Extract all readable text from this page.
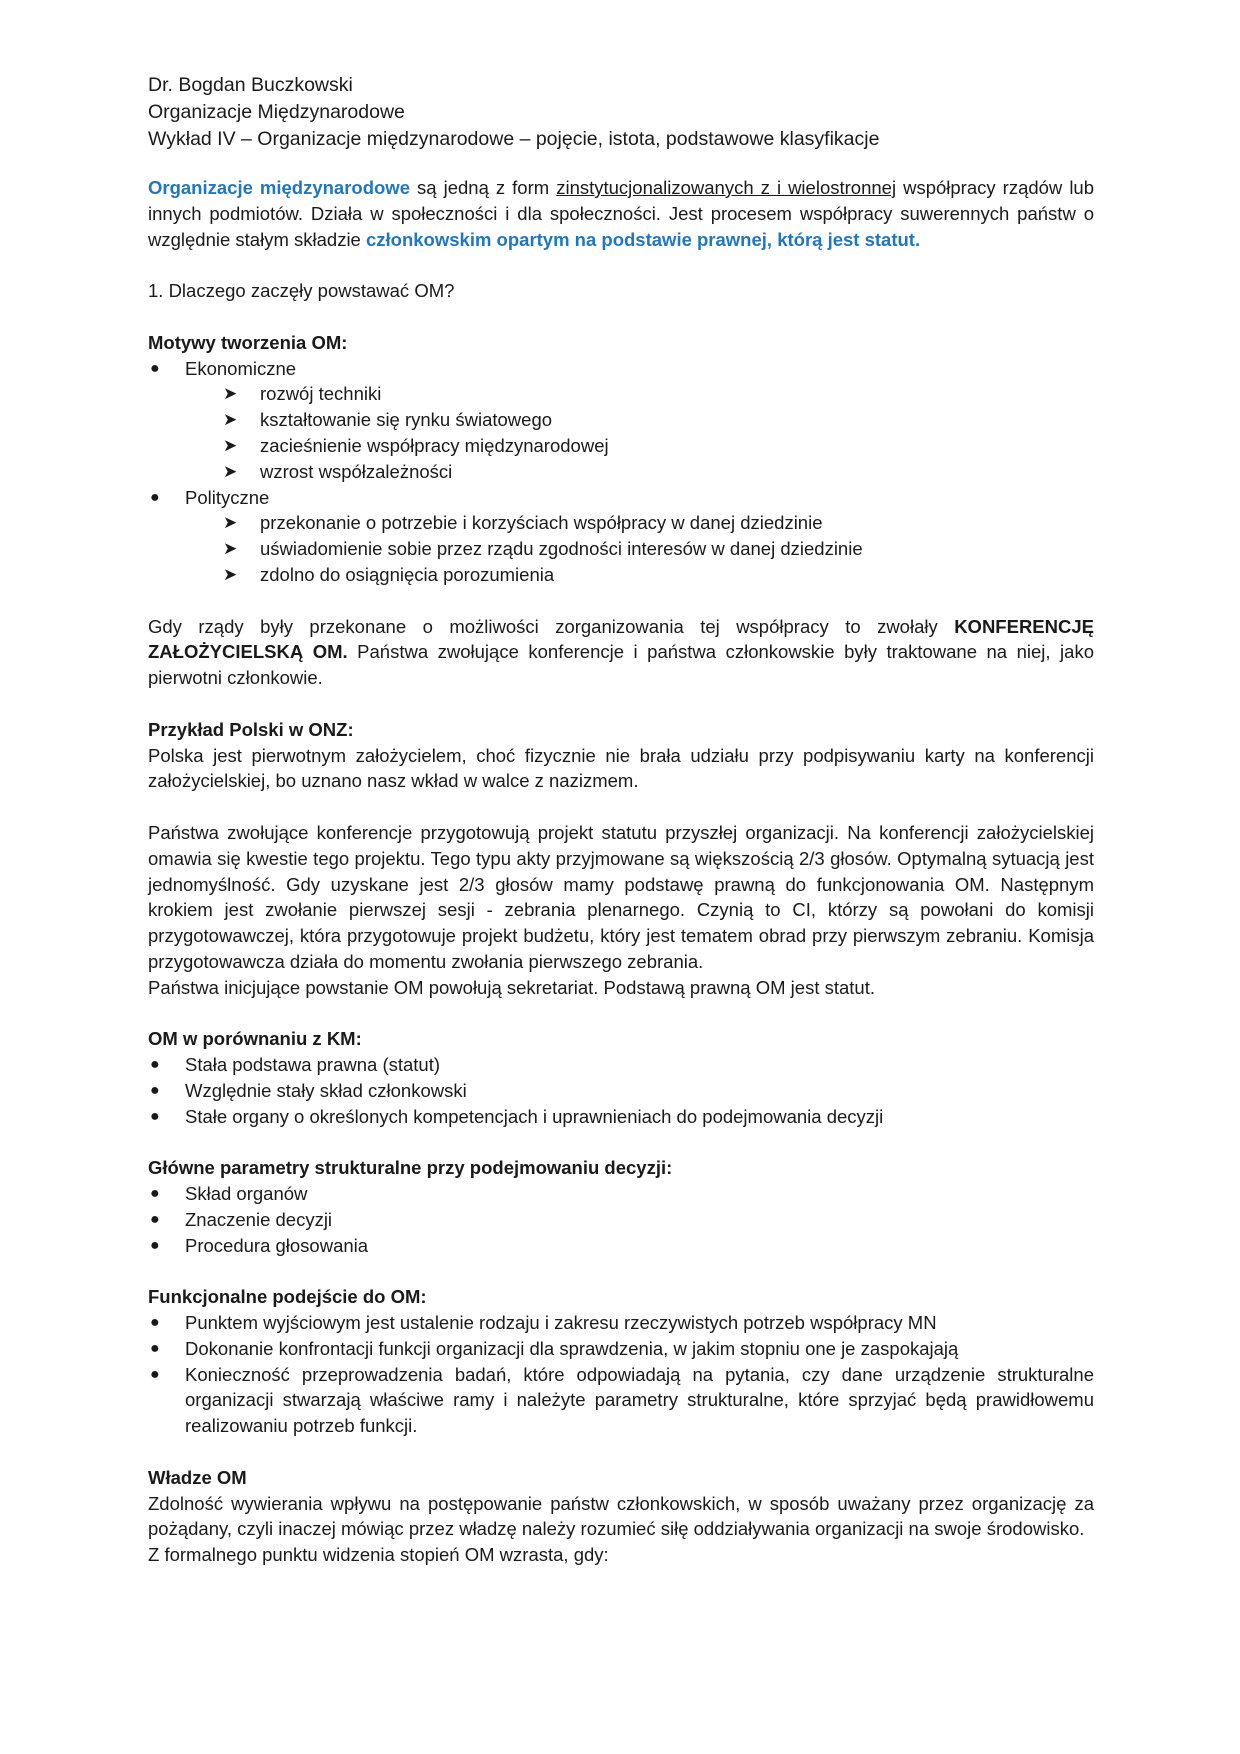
Dr. Bogdan Buczkowski

Organizacje Międzynarodowe

Wykład IV – Organizacje międzynarodowe – pojęcie, istota, podstawowe klasyfikacje

Organizacje międzynarodowe są jedną z form zinstytucjonalizowanych z i wielostronnej współpracy rządów lub innych podmiotów. Działa w społeczności i dla społeczności. Jest procesem współpracy suwerennych państw o względnie stałym składzie członkowskim opartym na podstawie prawnej, którą jest statut.

1. Dlaczego zaczęły powstawać OM?

Motywy tworzenia OM:

● Ekonomiczne
➤ rozwój techniki
➤ kształtowanie się rynku światowego
➤ zacieśnienie współpracy międzynarodowej
➤ wzrost współzależności
● Polityczne
➤ przekonanie o potrzebie i korzyściach współpracy w danej dziedzinie
➤ uświadomienie sobie przez rządu zgodności interesów w danej dziedzinie
➤ zdolno do osiągnięcia porozumienia

Gdy rządy były przekonane o możliwości zorganizowania tej współpracy to zwołały KONFERENCJĘ ZAŁOŻYCIELSKĄ OM. Państwa zwołujące konferencje i państwa członkowskie były traktowane na niej, jako pierwotni członkowie.

Przykład Polski w ONZ:

Polska jest pierwotnym założycielem, choć fizycznie nie brała udziału przy podpisywaniu karty na konferencji założycielskiej, bo uznano nasz wkład w walce z nazizmem.

Państwa zwołujące konferencje przygotowują projekt statutu przyszłej organizacji. Na konferencji założycielskiej omawia się kwestie tego projektu. Tego typu akty przyjmowane są większością 2/3 głosów. Optymalną sytuacją jest jednomyślność. Gdy uzyskane jest 2/3 głosów mamy podstawę prawną do funkcjonowania OM. Następnym krokiem jest zwołanie pierwszej sesji - zebrania plenarnego. Czynią to CI, którzy są powołani do komisji przygotowawczej, która przygotowuje projekt budżetu, który jest tematem obrad przy pierwszym zebraniu. Komisja przygotowawcza działa do momentu zwołania pierwszego zebrania.

Państwa inicjujące powstanie OM powołują sekretariat. Podstawą prawną OM jest statut.

OM w porównaniu z KM:

● Stała podstawa prawna (statut)
● Względnie stały skład członkowski
● Stałe organy o określonych kompetencjach i uprawnieniach do podejmowania decyzji

Główne parametry strukturalne przy podejmowaniu decyzji:

● Skład organów
● Znaczenie decyzji
● Procedura głosowania

Funkcjonalne podejście do OM:

● Punktem wyjściowym jest ustalenie rodzaju i zakresu rzeczywistych potrzeb współpracy MN
● Dokonanie konfrontacji funkcji organizacji dla sprawdzenia, w jakim stopniu one je zaspokajają
● Konieczność przeprowadzenia badań, które odpowiadają na pytania, czy dane urządzenie strukturalne organizacji stwarzają właściwe ramy i należyte parametry strukturalne, które sprzyjać będą prawidłowemu realizowaniu potrzeb funkcji.

Władze OM

Zdolność wywierania wpływu na postępowanie państw członkowskich, w sposób uważany przez organizację za pożądany, czyli inaczej mówiąc przez władzę należy rozumieć siłę oddziaływania organizacji na swoje środowisko.

Z formalnego punktu widzenia stopień OM wzrasta, gdy:
